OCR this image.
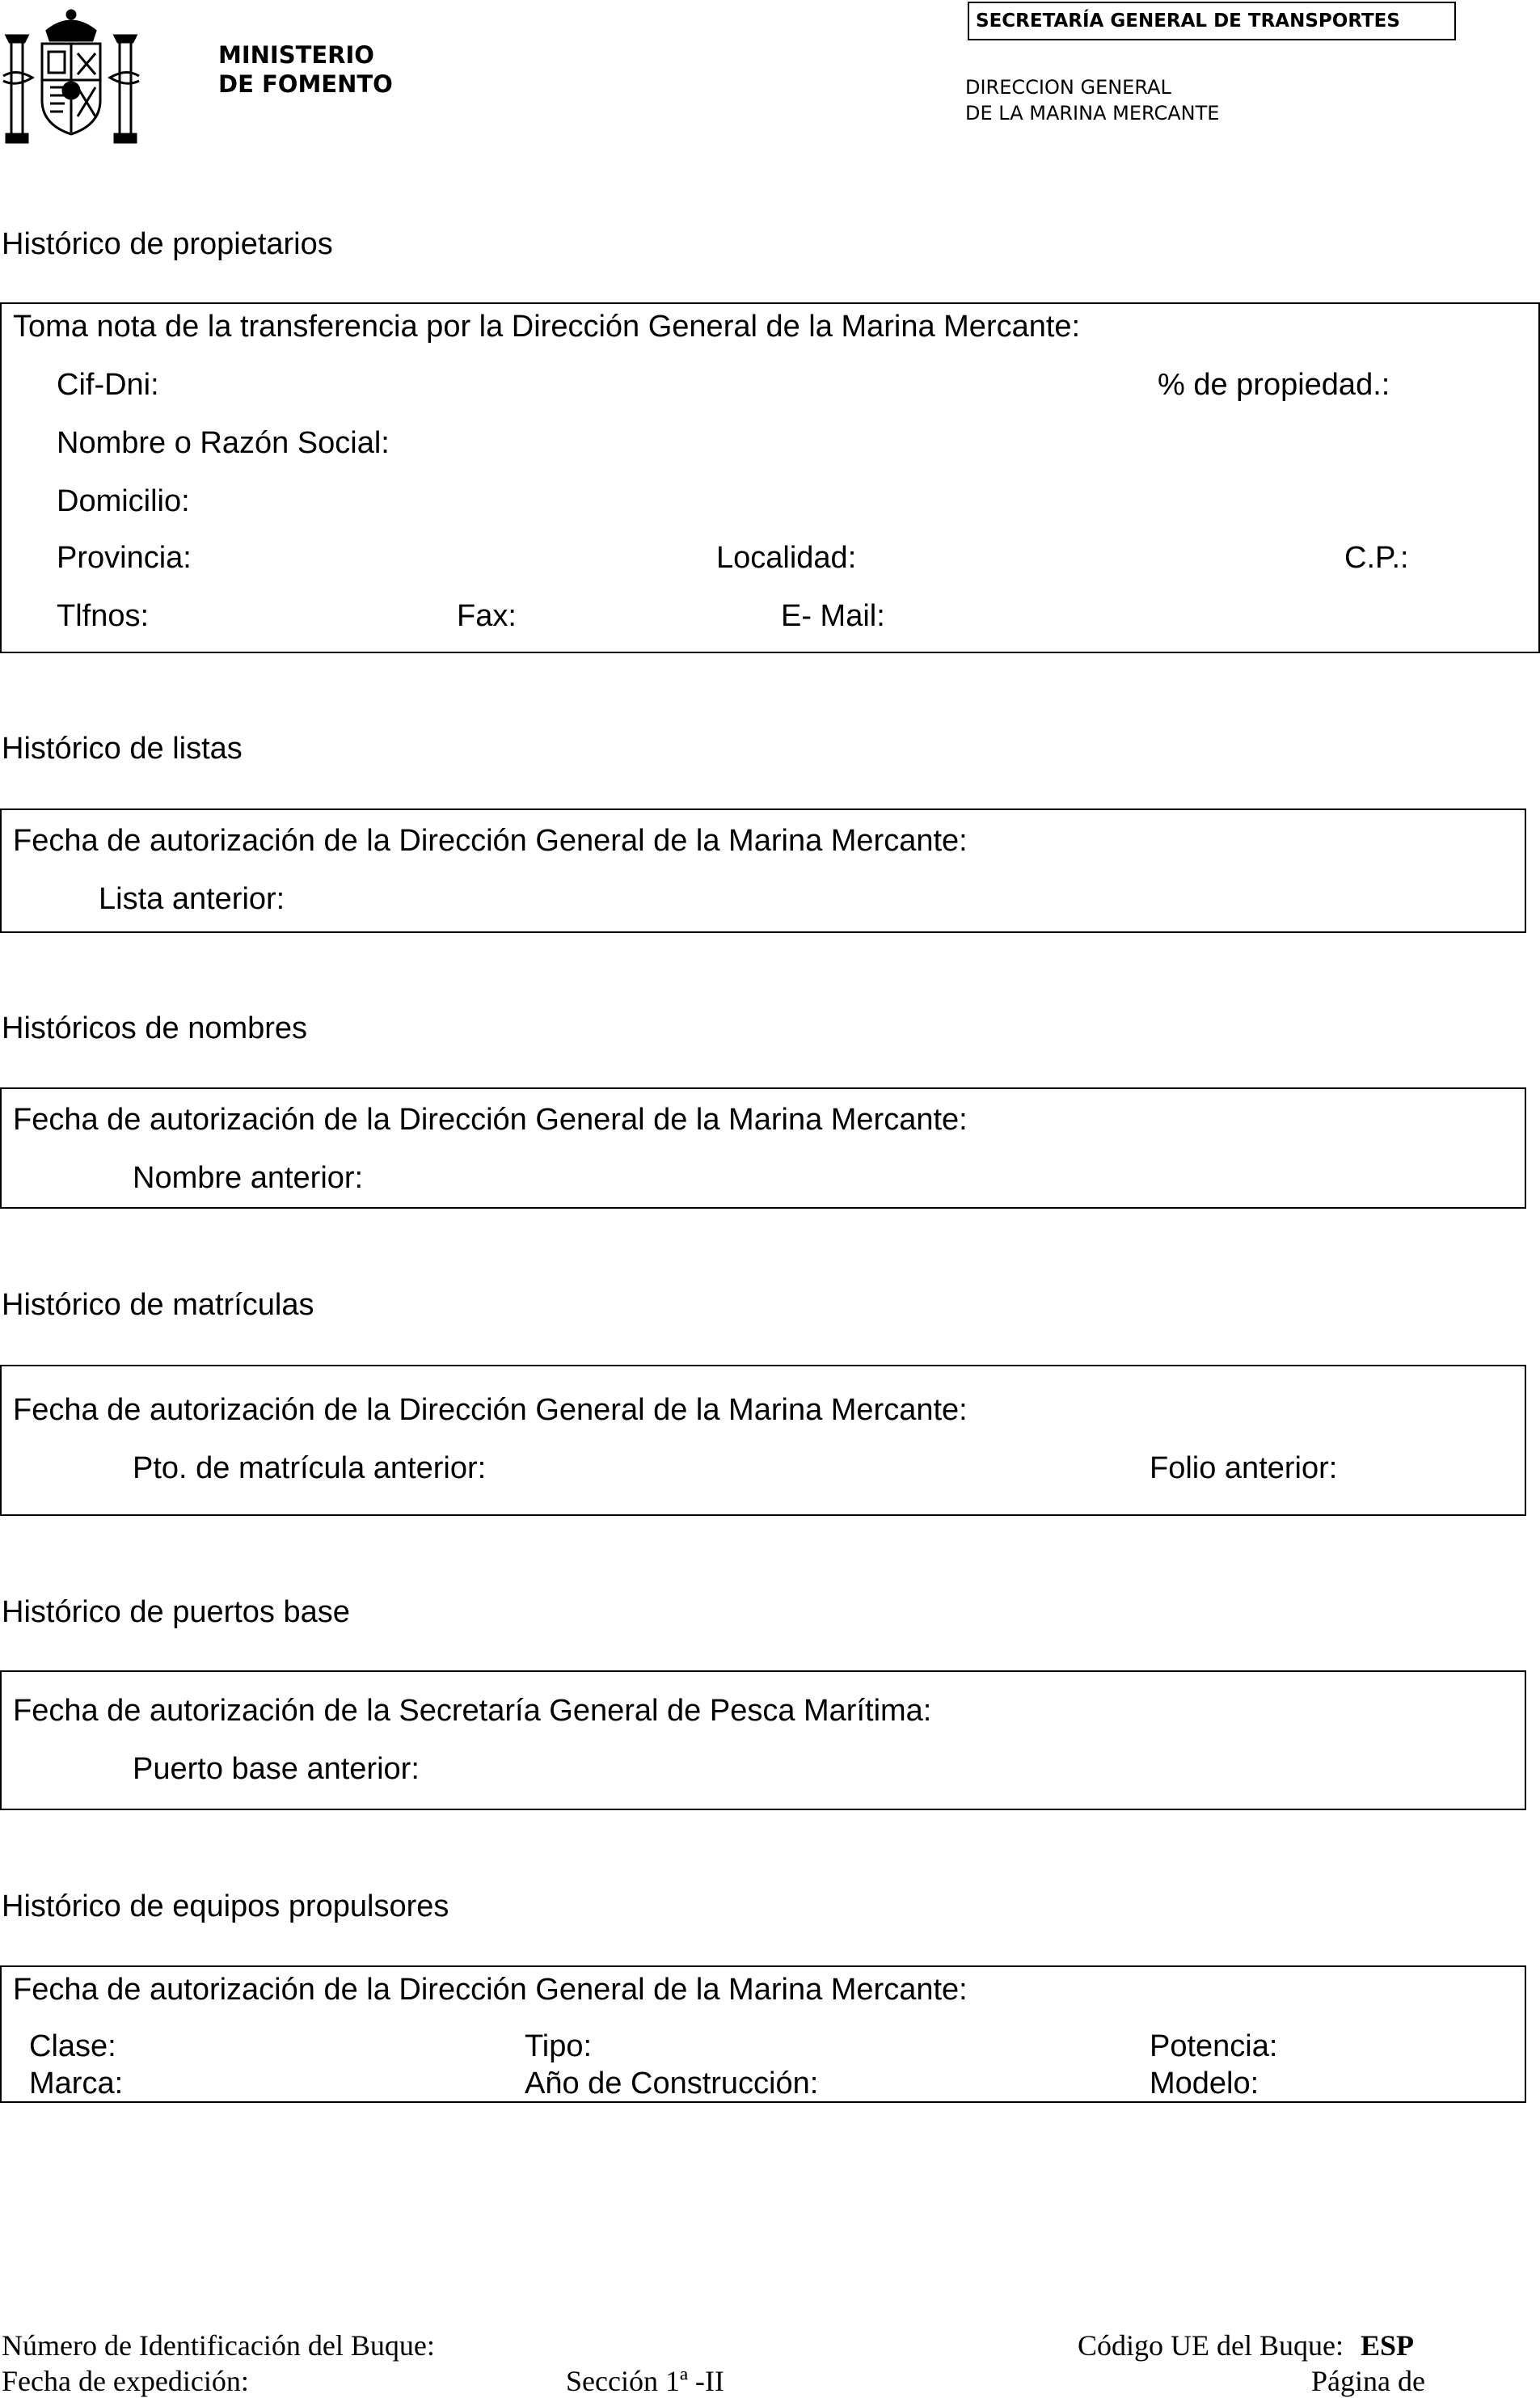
MINISTERIO
DE FOMENTO
SECRETARÍA GENERAL DE TRANSPORTES
DIRECCION GENERAL
DE LA MARINA MERCANTE
Histórico de propietarios
Toma nota de la transferencia por la Dirección General de la Marina Mercante:
Cif-Dni:	% de propiedad.:
Nombre o Razón Social:
Domicilio:
Provincia:	Localidad:	C.P.:
Tlfnos:	Fax:	E- Mail:
Histórico de listas
Fecha de autorización de la Dirección General de la Marina Mercante:
Lista anterior:
Históricos de nombres
Fecha de autorización de la Dirección General de la Marina Mercante:
Nombre anterior:
Histórico de matrículas
Fecha de autorización de la Dirección General de la Marina Mercante:
Pto. de matrícula anterior:	Folio anterior:
Histórico de puertos base
Fecha de autorización de la Secretaría General de Pesca Marítima:
Puerto base anterior:
Histórico de equipos propulsores
Fecha de autorización de la Dirección General de la Marina Mercante:
Clase:	Tipo:	Potencia:
Marca:	Año de Construcción:	Modelo:
Número de Identificación del Buque:	Código UE del Buque: ESP
Fecha de expedición:	Sección 1ª -II	Página de
